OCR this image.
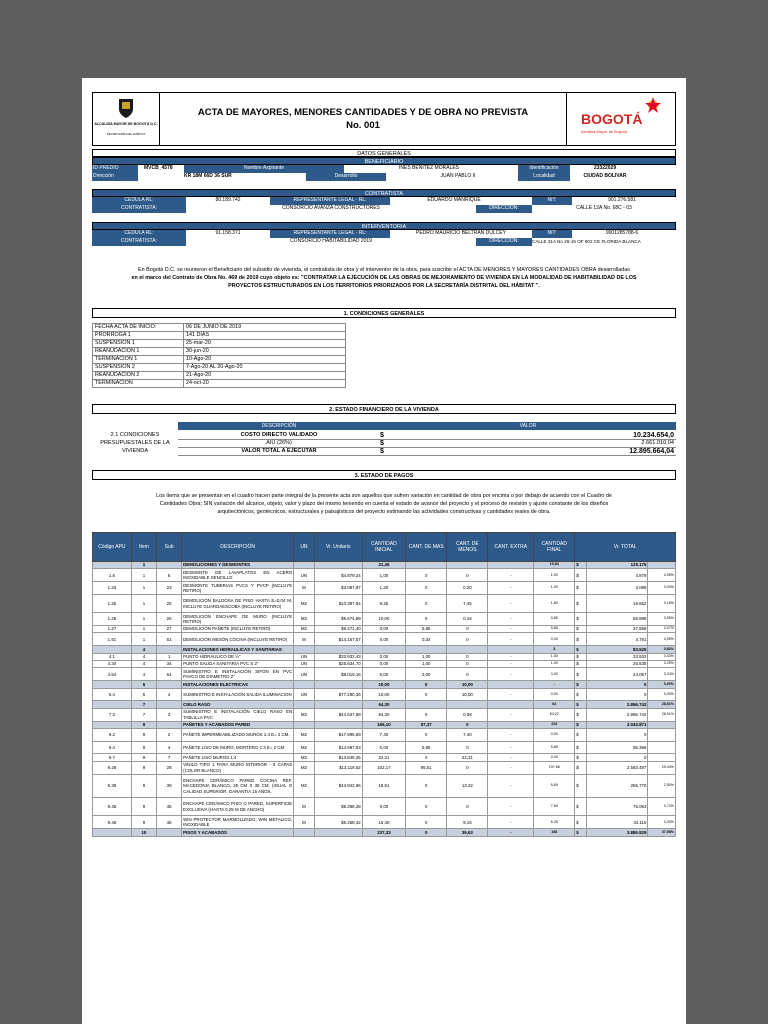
ALCALDÍA MAYOR DE BOGOTÁ D.C.
SECRETARÍA DEL HÁBITAT
ACTA DE MAYORES, MENORES CANTIDADES Y DE OBRA NO PREVISTA
No. 001	BOGOTÁ
Alcaldía Mayor de Bogotá
DATOS GENERALES
BENEFICIARIO
ID PREDIO	MVCB_4578	Nombre Aspirante	INES BENITEZ MORALES	Identificación	23322029
Dirección	KR 18M 66D 36 SUR	Desarrollo	JUAN PABLO II	Localidad	CIUDAD BOLIVAR
CONTRATISTA
CÉDULA RL:	80.189.742	REPRESENTANTE LEGAL - RL:	EDUARDO MANRIQUE	NIT:	901.276.581
CONTRATISTA:	CONSORCIO AVANZA CONSTRUCTORES	DIRECCIÓN:	CALLE 12A No. 68C - 03
INTERVENTORIA
CÉDULA RL:	91.158.371	REPRESENTANTE LEGAL - RL:	PEDRO MAURICIO BELTRAN DULCEY	NIT:	9001285788-6
CONTRATISTA:	CONSORCIO HABITABILIDAD 2019	DIRECCIÓN:	CALLE 31A No 26-15 OF 802 CE FLORIDA BLANCA
En Bogotá D.C. se reunieron el Beneficiario del subsidio de vivienda, el contratista de obra y el interventor de la obra, para suscribir el ACTA DE MENORES Y MAYORES CANTIDADES OBRA desarrolladas
en el marco del Contrato de Obra No. 469 de 2019 cuyo objeto es: "CONTRATAR LA EJECUCIÓN DE LAS OBRAS DE MEJORAMIENTO DE VIVIENDA EN LA MODALIDAD DE HABITABILIDAD DE LOS
PROYECTOS ESTRUCTURADOS EN LOS TERRITORIOS PRIORIZADOS POR LA SECRETARÍA DISTRITAL DEL HÁBITAT ".
1. CONDICIONES GENERALES
FECHA ACTA DE INICIO:	06 DE JUNIO DE 2019
PRORROGA 1	141 DIAS
SUSPENSION 1	25-mar-20
REANUDACION 1	30-jun-20
TERMINACION 1	10-Ago-20
SUSPENSION 2	7-Ago-20 AL 20-Ago-20
REANUDACION 2	21-Ago-20
TERMINACION	24-oct-20
2. ESTADO FINANCIERO DE LA VIVIENDA
DESCRIPCIÓN	VALOR
2.1 CONDICIONES
PRESUPUESTALES DE LA
VIVIENDA
COSTO DIRECTO VALIDADO	$	10.234.654,0
AIU (26%)	$	2.661.010,04
VALOR TOTAL A EJECUTAR	$	12.895.664,04
3. ESTADO DE PAGOS
Los ítems que se presentan en el cuadro hacen parte integral de la presente acta son aquellos que sufren variación en cantidad de obra por encima o por debajo de acuerdo con el Cuadro de
Cantidades Obra; SIN variación del alcance, objeto, valor y plazo del mismo teniendo en cuenta el estado de avance del proyecto y el proceso de revisión y ajuste constante de los diseños
arquitectónicos, geotécnicos, estructurales y paisajísticos del proyecto estimando las actividades constructivas y cantidades reales de obra.
Código APU	Item	Sub	DESCRIPCIÓN	UN	Vr. Unitario	CANTIDAD INICIAL	CANT. DE MAS	CANT. DE MENOS	CANT. EXTRA	CANTIDAD FINAL	Vr. TOTAL		
	1		DEMOLICIONES Y DESMONTES			21,45				19,84	$	125.175	
1.6	1	6	DESMONTE DE LAVAPLATOS EN ACERO INOXIDABLE SENCILLO	UN	$4.879,24	1,00	0	0	-	1,00	$	4.878	0,05%
1.23	1	23	DESMONTE TUBERIAS PVCS Y PVCP (INCLUYE RETIRO)	M	$3.087,87	1,20	0	0,20	-	1,00	$	3.088	0,03%
1.25	1	25	DEMOLICIÓN BALDOSA DE PISO HASTA E=0,04 M, INCLUYE GUARDAESCOBA (INCLUYE RETIRO)	M2	$10.387,84	9,25	0	7,45	-	1,80	$	18.662	0,18%
1.26	1	26	DEMOLICIÓN ENCHAPE DE MURO (INCLUYE RETIRO)	M2	$5.674,89	10,00	0	0,15	-	9,85	$	55.898	0,55%
1.27	1	27	DEMOLICIÓN PAÑETE (INCLUYE RETIRO)	M2	$6.471,40	0,00	5,85	0	-	5,85	$	37.858	0,37%
1.51	1	51	DEMOLICIÓN MESÓN COCINA (INCLUYE RETIRO)	M	$14.157,57	0,00	0,34	0	-	0,34	$	4.791	0,05%
	4		INSTALACIONES HIDRAULICAS Y SANITARIAS							3	$	83.525	0,82%
4.1	4	1	PUNTO HIDRAULICO DE ½"	UN	$33.932,43	0,00	1,00	0	-	1,00	$	33.932	0,33%
4.34	4	34	PUNTO SALIDA SANITARIA PVC S 2"	UN	$25.534,70	0,00	1,00	0	-	1,00	$	25.535	0,25%
4.54	4	54	SUMINISTRO E INSTALACIÓN SIFÓN EN PVC PAVCO DE DIAMETRO 2"	UN	$8.019,16	0,00	3,00	0	-	3,00	$	24.057	0,24%
	5		INSTALACIONES ELECTRICAS			10,00	0	10,00		-	$	0	0,00%
5.4	5	4	SUMINISTRO E INSTALACIÓN SALIDA ILUMINACION	UN	$77.280,36	10,00	0	10,00	-	0,00	$	0	0,00%
	7		CIELO RASO			64,30				64	$	2.866.742	28,01%
7.3	7	3	SUMINISTRO E INSTALACIÓN CIELO RASO EN TABLILLA PVC	M2	$44.637,88	64,30	0	0,08	-	64,22	$	2.866.742	28,01%
	9		PAÑETES Y ACABADOS PARED			166,10	57,37	0		223	$	3.043.871	
9.2	9	2	PAÑETE IMPERMEABILIZADO MUROS 1:4 E= 2 CM.	M2	$17.996,59	7,40	0	7,40	-	0,00	$	0	
9.4	9	4	PAÑETE LISO DE MURO, MORTERO 1:3 E= 2 CM	M2	$14.597,53	0,00	5,85	0	-	5,85	$	85.396	
9.7	9	7	PAÑETE LISO MUROS 1:4	M2	$13.846,25	22,21	0	22,21	-	0,00	$	0	
9.28	9	28	VINILO TIPO 1 PARA MURO INTERIOR - 3 CAPAS (COLOR BLANCO)	M2	$13.119,62	102,17	95,51	0	-	197,68	$	2.593.497	25,34%
9.39	9	39	ENCHAPE CERÁMICO PARED COCINA REF. MACEDONIA BLANCO, 25 CM X 35 CM. (IGUAL O CALIDAD SUPERIOR. GARANTIA 15 AÑOS.	M2	$44.942,96	18,91	0	13,22	-	5,69	$	255.770	2,50%
9.45	9	45	ENCHAPE CERÁMICO PISO O PARED, SUPERFICIE EXCLUSIVA (HASTA 0,25 M DE ANCHO)	M	$9.288,39	0,00	0	0	-	7,69	$	75.063	0,73%
9.46	9	46	WIN PROTECTOR MARMOLIZADO, WIN METALICO, INOXIDABLE	M	$5.458,42	15,40	0	9,15	-	6,25	$	34.115	0,33%
	10		PISOS Y ACABADOS			237,33	0	39,63	-	198	$	3.886.929	37,98%
